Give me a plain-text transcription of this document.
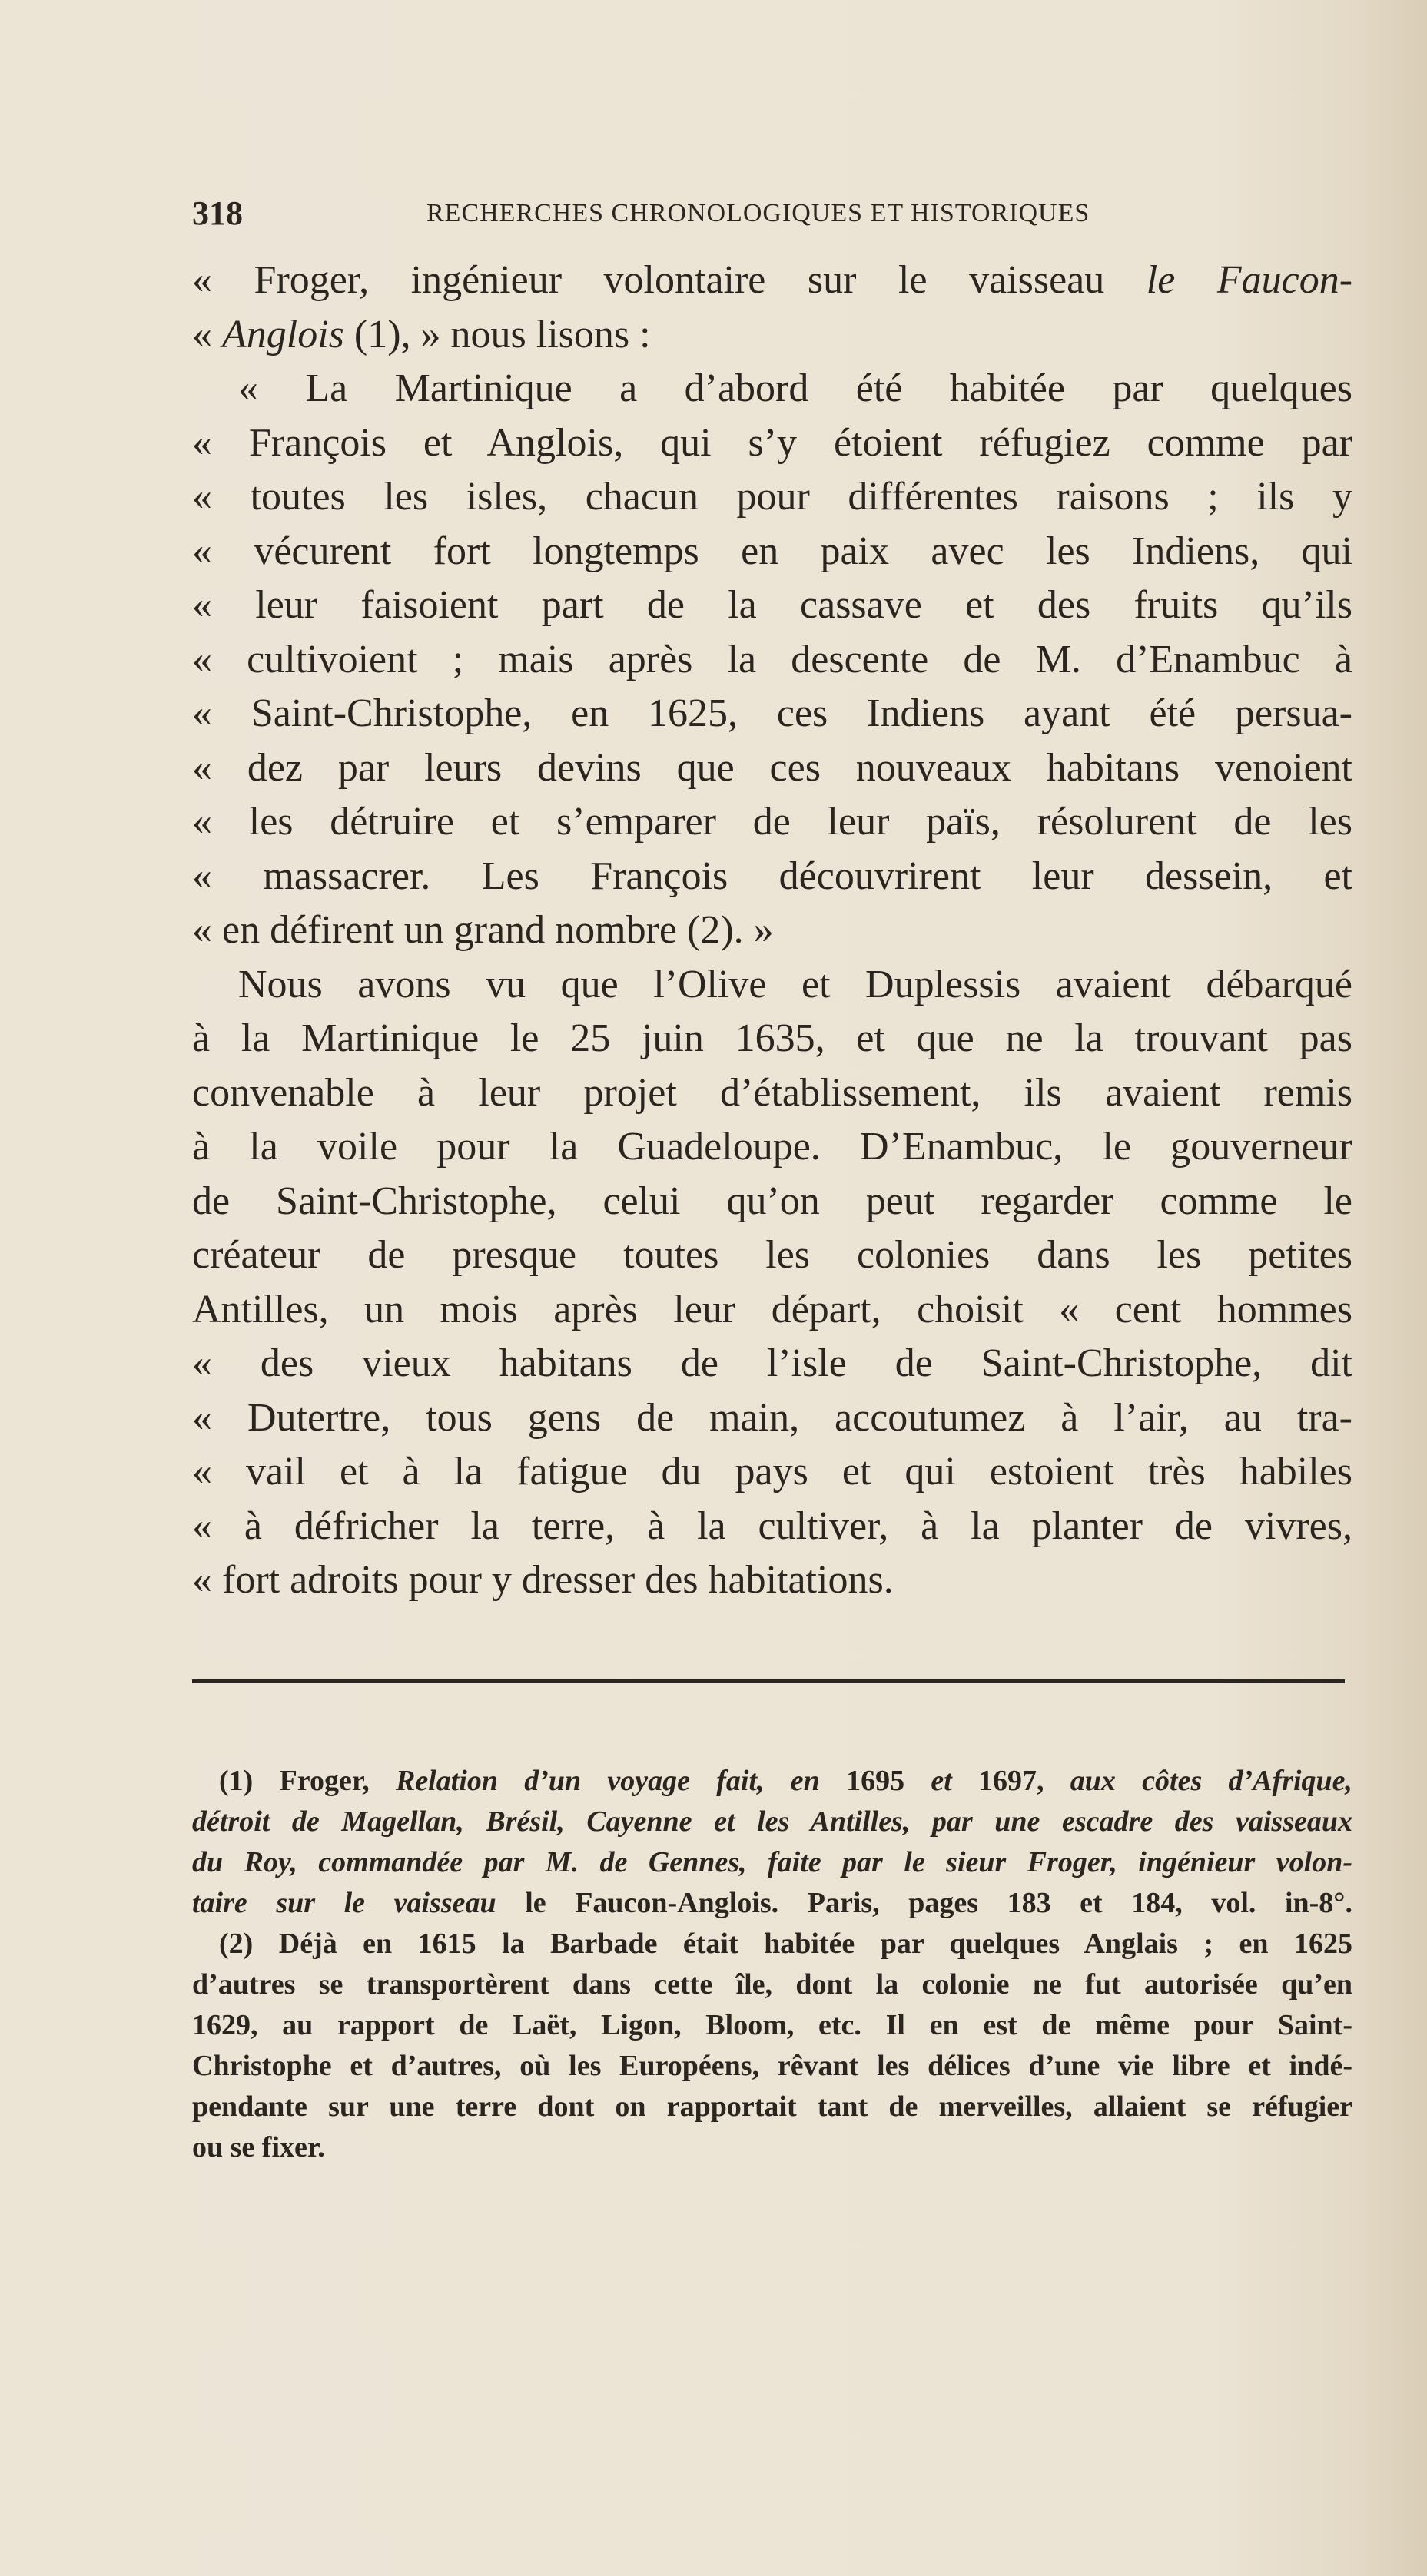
318	RECHERCHES CHRONOLOGIQUES ET HISTORIQUES
« Froger, ingénieur volontaire sur le vaisseau le Faucon-
« Anglois (1), » nous lisons :
« La Martinique a d’abord été habitée par quelques
« François et Anglois, qui s’y étoient réfugiez comme par
« toutes les isles, chacun pour différentes raisons ; ils y
« vécurent fort longtemps en paix avec les Indiens, qui
« leur faisoient part de la cassave et des fruits qu’ils
« cultivoient ; mais après la descente de M. d’Enambuc à
« Saint-Christophe, en 1625, ces Indiens ayant été persua-
« dez par leurs devins que ces nouveaux habitans venoient
« les détruire et s’emparer de leur païs, résolurent de les
« massacrer. Les François découvrirent leur dessein, et
« en défirent un grand nombre (2). »
Nous avons vu que l’Olive et Duplessis avaient débarqué
à la Martinique le 25 juin 1635, et que ne la trouvant pas
convenable à leur projet d’établissement, ils avaient remis
à la voile pour la Guadeloupe. D’Enambuc, le gouverneur
de Saint-Christophe, celui qu’on peut regarder comme le
créateur de presque toutes les colonies dans les petites
Antilles, un mois après leur départ, choisit « cent hommes
« des vieux habitans de l’isle de Saint-Christophe, dit
« Dutertre, tous gens de main, accoutumez à l’air, au tra-
« vail et à la fatigue du pays et qui estoient très habiles
« à défricher la terre, à la cultiver, à la planter de vivres,
« fort adroits pour y dresser des habitations.
(1) Froger, Relation d’un voyage fait, en 1695 et 1697, aux côtes d’Afrique,
détroit de Magellan, Brésil, Cayenne et les Antilles, par une escadre des vaisseaux
du Roy, commandée par M. de Gennes, faite par le sieur Froger, ingénieur volon-
taire sur le vaisseau le Faucon-Anglois. Paris, pages 183 et 184, vol. in-8°.
(2) Déjà en 1615 la Barbade était habitée par quelques Anglais ; en 1625
d’autres se transportèrent dans cette île, dont la colonie ne fut autorisée qu’en
1629, au rapport de Laët, Ligon, Bloom, etc. Il en est de même pour Saint-
Christophe et d’autres, où les Européens, rêvant les délices d’une vie libre et indé-
pendante sur une terre dont on rapportait tant de merveilles, allaient se réfugier
ou se fixer.
